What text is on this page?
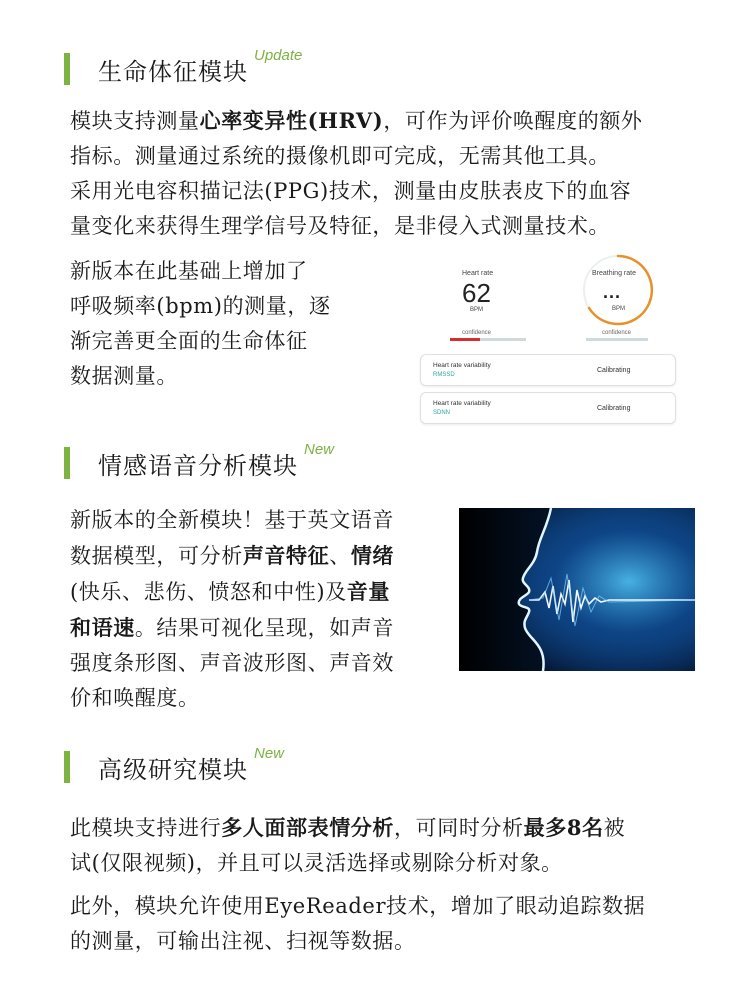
生命体征模块
Update
模块支持测量心率变异性(HRV)，可作为评价唤醒度的额外
指标。测量通过系统的摄像机即可完成，无需其他工具。
采用光电容积描记法(PPG)技术，测量由皮肤表皮下的血容
量变化来获得生理学信号及特征，是非侵入式测量技术。
新版本在此基础上增加了
呼吸频率(bpm)的测量，逐
渐完善更全面的生命体征
数据测量。
Heart rate
62
BPM
confidence
Breathing rate
...
BPM
confidence
Heart rate variability
RMSSD
Calibrating
Heart rate variability
SDNN
Calibrating
情感语音分析模块
New
新版本的全新模块！基于英文语音
数据模型，可分析声音特征、情绪
(快乐、悲伤、愤怒和中性)及音量
和语速。结果可视化呈现，如声音
强度条形图、声音波形图、声音效
价和唤醒度。
高级研究模块
New
此模块支持进行多人面部表情分析，可同时分析最多8名被
试(仅限视频)，并且可以灵活选择或剔除分析对象。
此外，模块允许使用EyeReader技术，增加了眼动追踪数据
的测量，可输出注视、扫视等数据。
